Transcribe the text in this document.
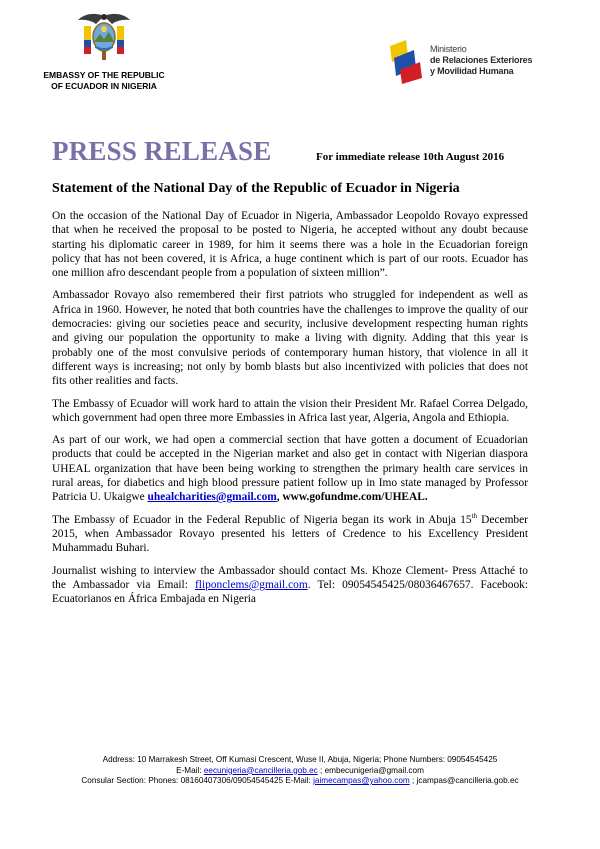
EMBASSY OF THE REPUBLIC OF ECUADOR IN NIGERIA
Ministerio
de Relaciones Exteriores
y Movilidad Humana
PRESS RELEASE	For immediate release 10th August 2016
Statement of the National Day of the Republic of Ecuador in Nigeria

On the occasion of the National Day of Ecuador in Nigeria, Ambassador Leopoldo Rovayo expressed that when he received the proposal to be posted to Nigeria, he accepted without any doubt because starting his diplomatic career in 1989, for him it seems there was a hole in the Ecuadorian foreign policy that has not been covered, it is Africa, a huge continent which is part of our roots. Ecuador has one million afro descendant people from a population of sixteen million”.

Ambassador Rovayo also remembered their first patriots who struggled for independent as well as Africa in 1960. However, he noted that both countries have the challenges to improve the quality of our democracies: giving our societies peace and security, inclusive development respecting human rights and giving our population the opportunity to make a living with dignity. Adding that this year is probably one of the most convulsive periods of contemporary human history, that violence in all it different ways is increasing; not only by bomb blasts but also incentivized with policies that does not fits other realities and facts.

The Embassy of Ecuador will work hard to attain the vision their President Mr. Rafael Correa Delgado, which government had open three more Embassies in Africa last year, Algeria, Angola and Ethiopia.

As part of our work, we had open a commercial section that have gotten a document of Ecuadorian products that could be accepted in the Nigerian market and also get in contact with Nigerian diaspora UHEAL organization that have been being working to strengthen the primary health care services in rural areas, for diabetics and high blood pressure patient follow up in Imo state managed by Professor Patricia U. Ukaigwe uhealcharities@gmail.com, www.gofundme.com/UHEAL.

The Embassy of Ecuador in the Federal Republic of Nigeria began its work in Abuja 15th December 2015, when Ambassador Rovayo presented his letters of Credence to his Excellency President Muhammadu Buhari.

Journalist wishing to interview the Ambassador should contact Ms. Khoze Clement- Press Attaché to the Ambassador via Email: fliponclems@gmail.com. Tel: 09054545425/08036467657. Facebook: Ecuatorianos en África Embajada en Nigeria

Address: 10 Marrakesh Street, Off Kumasi Crescent, Wuse II, Abuja, Nigeria; Phone Numbers: 09054545425
E-Mail: eecunigeria@cancilleria.gob.ec ; embecunigeria@gmail.com
Consular Section: Phones: 08160407306/09054545425 E-Mail: jaimecampas@yahoo.com ; jcampas@cancilleria.gob.ec
